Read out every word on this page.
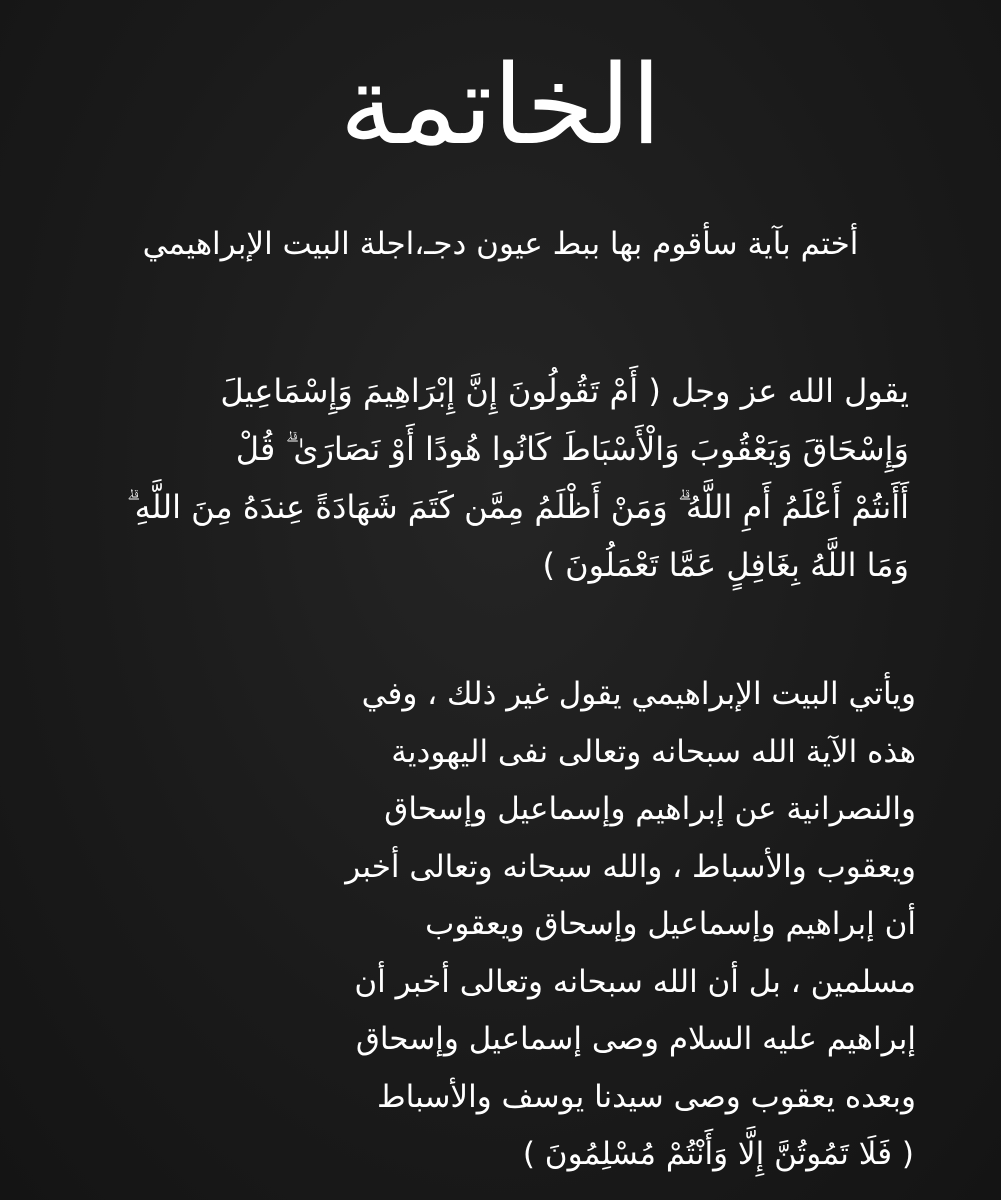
الخاتمة

أختم بآية سأقوم بها ببط عيون دجـ،اجلة البيت الإبراهيمي

يقول الله عز وجل ( أَمْ تَقُولُونَ إِنَّ إِبْرَاهِيمَ وَإِسْمَاعِيلَ
وَإِسْحَاقَ وَيَعْقُوبَ وَالْأَسْبَاطَ كَانُوا هُودًا أَوْ نَصَارَىٰ ۗ قُلْ
أَأَنتُمْ أَعْلَمُ أَمِ اللَّهُ ۗ وَمَنْ أَظْلَمُ مِمَّن كَتَمَ شَهَادَةً عِندَهُ مِنَ اللَّهِ ۗ
وَمَا اللَّهُ بِغَافِلٍ عَمَّا تَعْمَلُونَ )

ويأتي البيت الإبراهيمي يقول غير ذلك ، وفي
هذه الآية الله سبحانه وتعالى نفى اليهودية
والنصرانية عن إبراهيم وإسماعيل وإسحاق
ويعقوب والأسباط ، والله سبحانه وتعالى أخبر
أن إبراهيم وإسماعيل وإسحاق ويعقوب
مسلمين ، بل أن الله سبحانه وتعالى أخبر أن
إبراهيم عليه السلام وصى إسماعيل وإسحاق
وبعده يعقوب وصى سيدنا يوسف والأسباط
( فَلَا تَمُوتُنَّ إِلَّا وَأَنْتُمْ مُسْلِمُونَ )
